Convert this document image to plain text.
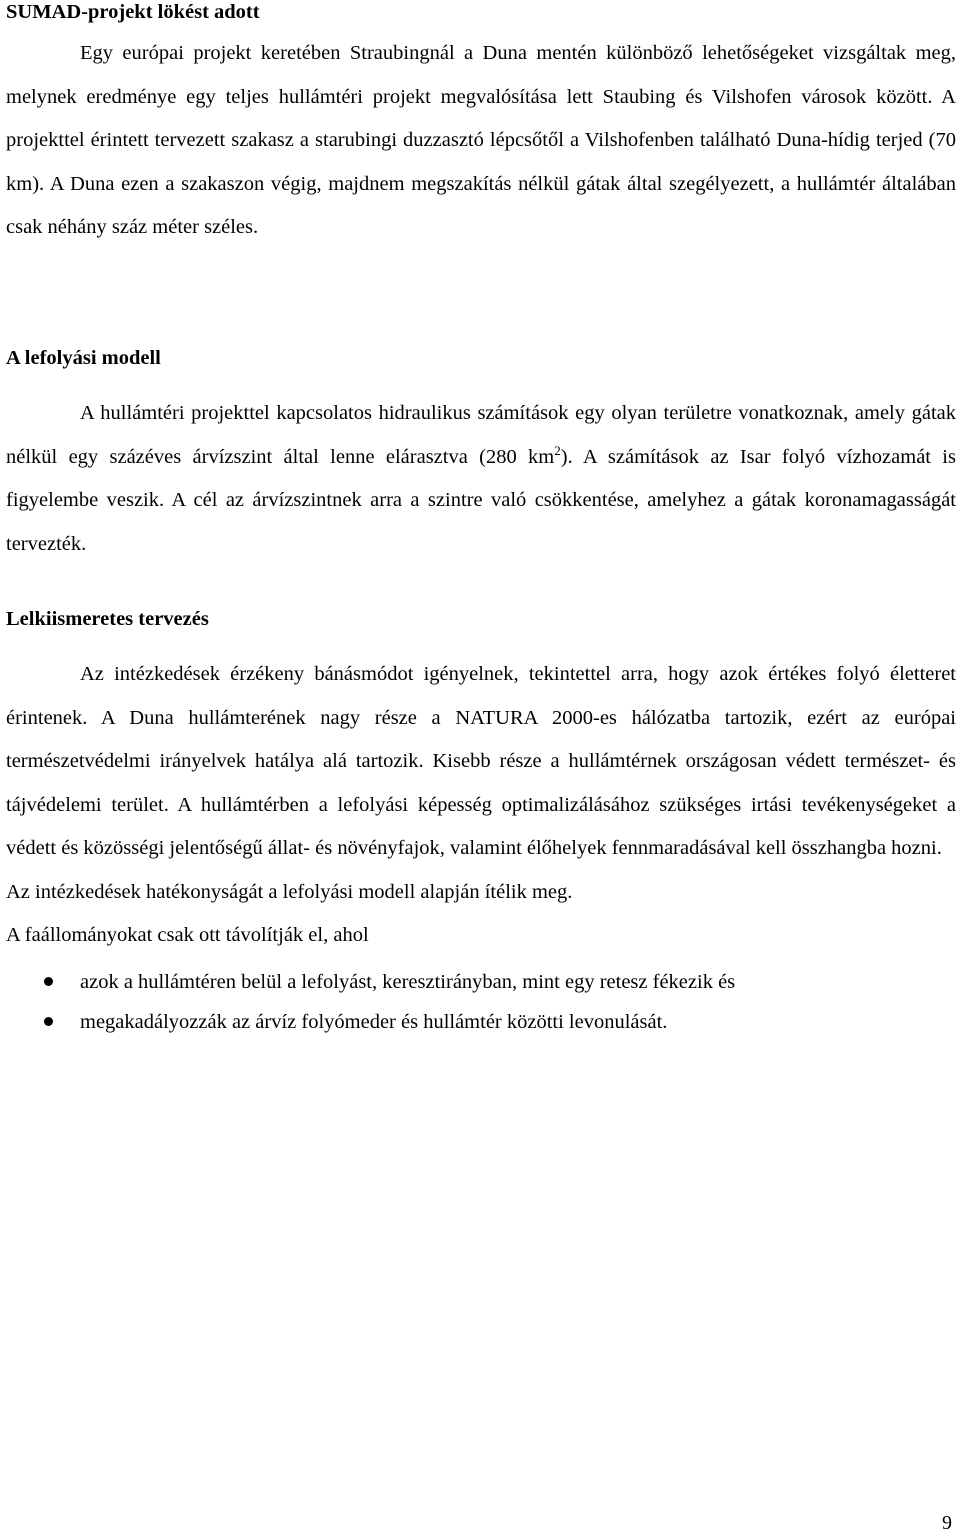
SUMAD-projekt lökést adott

Egy európai projekt keretében Straubingnál a Duna mentén különböző lehetőségeket vizsgáltak meg, melynek eredménye egy teljes hullámtéri projekt megvalósítása lett Staubing és Vilshofen városok között. A projekttel érintett tervezett szakasz a starubingi duzzasztó lépcsőtől a Vilshofenben található Duna-hídig terjed (70 km). A Duna ezen a szakaszon végig, majdnem megszakítás nélkül gátak által szegélyezett, a hullámtér általában csak néhány száz méter széles.

A lefolyási modell

A hullámtéri projekttel kapcsolatos hidraulikus számítások egy olyan területre vonatkoznak, amely gátak nélkül egy százéves árvízszint által lenne elárasztva (280 $km^2$). A számítások az Isar folyó vízhozamát is figyelembe veszik. A cél az árvízszintnek arra a szintre való csökkentése, amelyhez a gátak koronamagasságát tervezték.

Lelkiismeretes tervezés

Az intézkedések érzékeny bánásmódot igényelnek, tekintettel arra, hogy azok értékes folyó életteret érintenek. A Duna hullámterének nagy része a NATURA 2000-es hálózatba tartozik, ezért az európai természetvédelmi irányelvek hatálya alá tartozik. Kisebb része a hullámtérnek országosan védett természet- és tájvédelemi terület. A hullámtérben a lefolyási képesség optimalizálásához szükséges irtási tevékenységeket a védett és közösségi jelentőségű állat- és növényfajok, valamint élőhelyek fennmaradásával kell összhangba hozni.

Az intézkedések hatékonyságát a lefolyási modell alapján ítélik meg.

A faállományokat csak ott távolítják el, ahol

azok a hullámtéren belül a lefolyást, keresztirányban, mint egy retesz fékezik és
megakadályozzák az árvíz folyómeder és hullámtér közötti levonulását.
9
